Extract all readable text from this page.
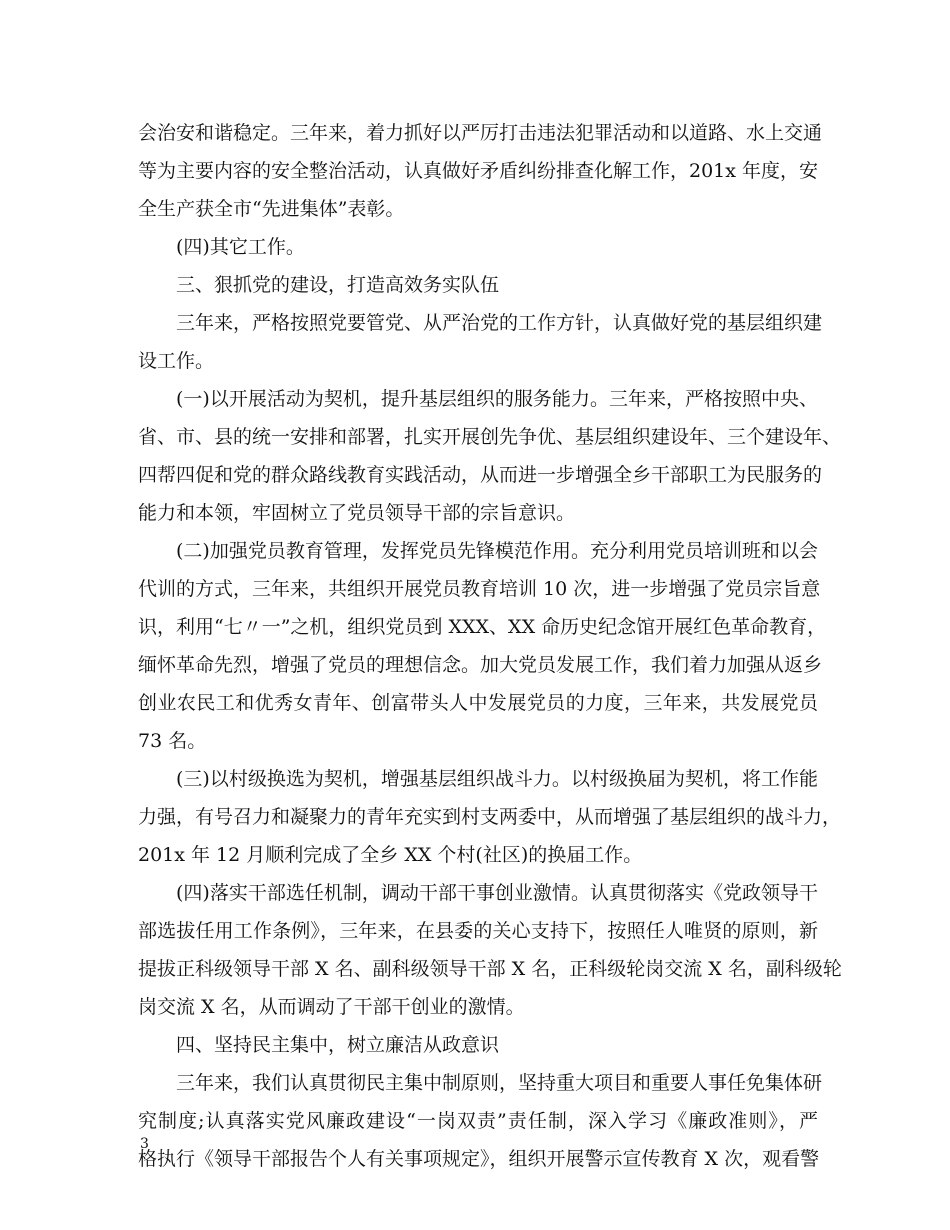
会治安和谐稳定。三年来，着力抓好以严厉打击违法犯罪活动和以道路、水上交通
等为主要内容的安全整治活动，认真做好矛盾纠纷排查化解工作，201x 年度，安
全生产获全市“先进集体”表彰。
(四)其它工作。
三、狠抓党的建设，打造高效务实队伍
三年来，严格按照党要管党、从严治党的工作方针，认真做好党的基层组织建
设工作。
(一)以开展活动为契机，提升基层组织的服务能力。三年来，严格按照中央、
省、市、县的统一安排和部署，扎实开展创先争优、基层组织建设年、三个建设年、
四帮四促和党的群众路线教育实践活动，从而进一步增强全乡干部职工为民服务的
能力和本领，牢固树立了党员领导干部的宗旨意识。
(二)加强党员教育管理，发挥党员先锋模范作用。充分利用党员培训班和以会
代训的方式，三年来，共组织开展党员教育培训 10 次，进一步增强了党员宗旨意
识，利用“七〃一”之机，组织党员到 XXX、XX 命历史纪念馆开展红色革命教育，
缅怀革命先烈，增强了党员的理想信念。加大党员发展工作，我们着力加强从返乡
创业农民工和优秀女青年、创富带头人中发展党员的力度，三年来，共发展党员
73 名。
(三)以村级换选为契机，增强基层组织战斗力。以村级换届为契机，将工作能
力强，有号召力和凝聚力的青年充实到村支两委中，从而增强了基层组织的战斗力，
201x 年 12 月顺利完成了全乡 XX 个村(社区)的换届工作。
(四)落实干部选任机制，调动干部干事创业激情。认真贯彻落实《党政领导干
部选拔任用工作条例》，三年来，在县委的关心支持下，按照任人唯贤的原则，新
提拔正科级领导干部 X 名、副科级领导干部 X 名，正科级轮岗交流 X 名，副科级轮
岗交流 X 名，从而调动了干部干创业的激情。
四、坚持民主集中，树立廉洁从政意识
三年来，我们认真贯彻民主集中制原则，坚持重大项目和重要人事任免集体研
究制度;认真落实党风廉政建设“一岗双责”责任制，深入学习《廉政准则》，严
格执行《领导干部报告个人有关事项规定》，组织开展警示宣传教育 X 次，观看警
3
